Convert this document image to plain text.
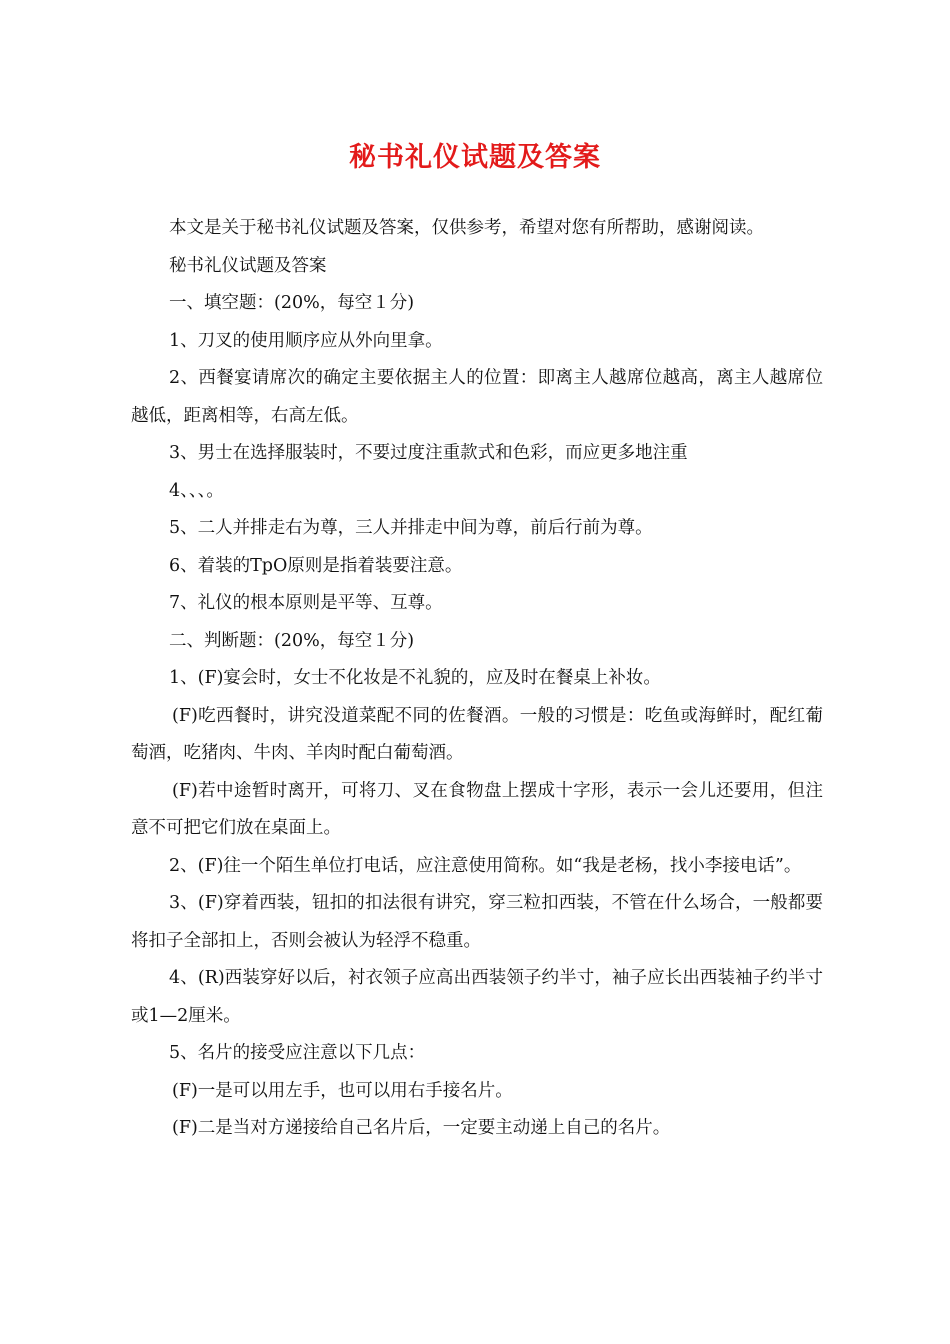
秘书礼仪试题及答案

本文是关于秘书礼仪试题及答案，仅供参考，希望对您有所帮助，感谢阅读。

秘书礼仪试题及答案

一、填空题：(20%，每空１分)

1、刀叉的使用顺序应从外向里拿。

2、西餐宴请席次的确定主要依据主人的位置：即离主人越席位越高，离主人越席位越低，距离相等，右高左低。

3、男士在选择服装时，不要过度注重款式和色彩，而应更多地注重

4、、、。

5、二人并排走右为尊，三人并排走中间为尊，前后行前为尊。

6、着装的TpO原则是指着装要注意。

7、礼仪的根本原则是平等、互尊。

二、判断题：(20%，每空１分)

1、(F)宴会时，女士不化妆是不礼貌的，应及时在餐桌上补妆。

(F)吃西餐时，讲究没道菜配不同的佐餐酒。一般的习惯是：吃鱼或海鲜时，配红葡萄酒，吃猪肉、牛肉、羊肉时配白葡萄酒。

(F)若中途暂时离开，可将刀、叉在食物盘上摆成十字形，表示一会儿还要用，但注意不可把它们放在桌面上。

2、(F)往一个陌生单位打电话，应注意使用简称。如“我是老杨，找小李接电话”。

3、(F)穿着西装，钮扣的扣法很有讲究，穿三粒扣西装，不管在什么场合，一般都要将扣子全部扣上，否则会被认为轻浮不稳重。

4、(R)西装穿好以后，衬衣领子应高出西装领子约半寸，袖子应长出西装袖子约半寸或1—2厘米。

5、名片的接受应注意以下几点：

(F)一是可以用左手，也可以用右手接名片。

(F)二是当对方递接给自己名片后，一定要主动递上自己的名片。
